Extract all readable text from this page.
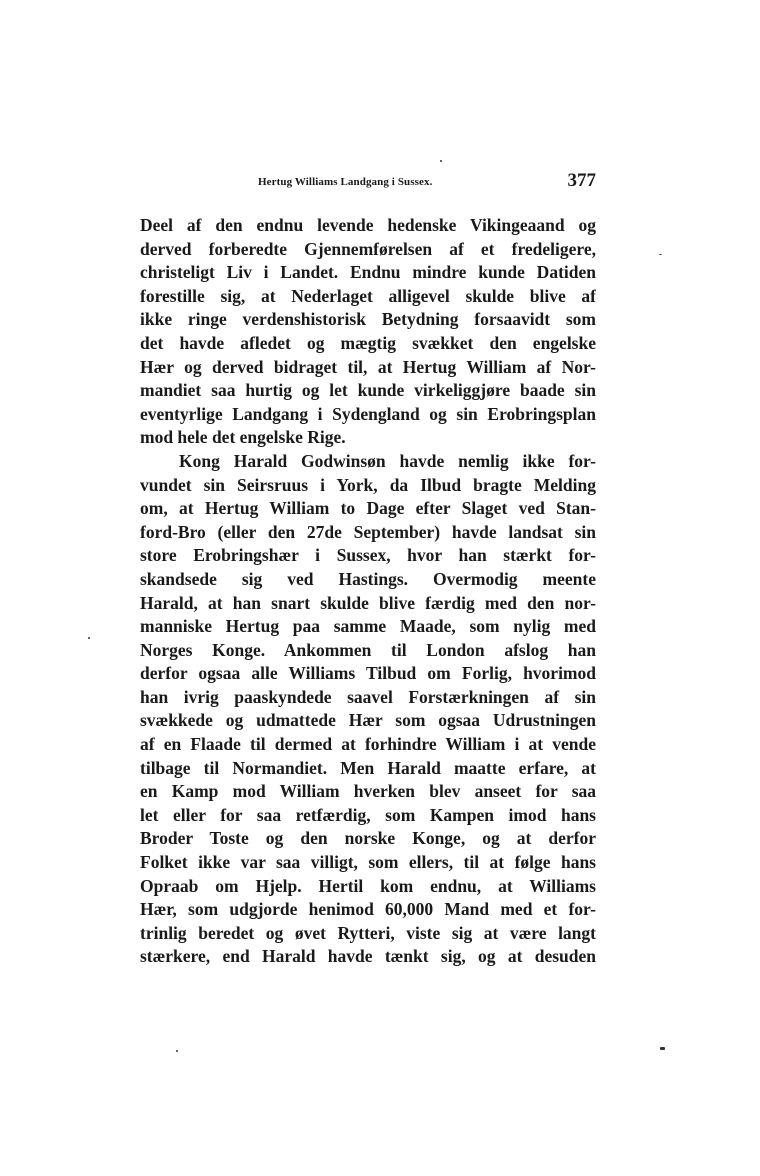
Hertug Williams Landgang i Sussex.	377
Deel af den endnu levende hedenske Vikingeaand og
derved forberedte Gjennemførelsen af et fredeligere,
christeligt Liv i Landet. Endnu mindre kunde Datiden
forestille sig, at Nederlaget alligevel skulde blive af
ikke ringe verdenshistorisk Betydning forsaavidt som
det havde afledet og mægtig svækket den engelske
Hær og derved bidraget til, at Hertug William af Nor-
mandiet saa hurtig og let kunde virkeliggjøre baade sin
eventyrlige Landgang i Sydengland og sin Erobringsplan
mod hele det engelske Rige.
Kong Harald Godwinsøn havde nemlig ikke for-
vundet sin Seirsruus i York, da Ilbud bragte Melding
om, at Hertug William to Dage efter Slaget ved Stan-
ford-Bro (eller den 27de September) havde landsat sin
store Erobringshær i Sussex, hvor han stærkt for-
skandsede sig ved Hastings. Overmodig meente
Harald, at han snart skulde blive færdig med den nor-
manniske Hertug paa samme Maade, som nylig med
Norges Konge. Ankommen til London afslog han
derfor ogsaa alle Williams Tilbud om Forlig, hvorimod
han ivrig paaskyndede saavel Forstærkningen af sin
svækkede og udmattede Hær som ogsaa Udrustningen
af en Flaade til dermed at forhindre William i at vende
tilbage til Normandiet. Men Harald maatte erfare, at
en Kamp mod William hverken blev anseet for saa
let eller for saa retfærdig, som Kampen imod hans
Broder Toste og den norske Konge, og at derfor
Folket ikke var saa villigt, som ellers, til at følge hans
Opraab om Hjelp. Hertil kom endnu, at Williams
Hær, som udgjorde henimod 60,000 Mand med et for-
trinlig beredet og øvet Rytteri, viste sig at være langt
stærkere, end Harald havde tænkt sig, og at desuden
